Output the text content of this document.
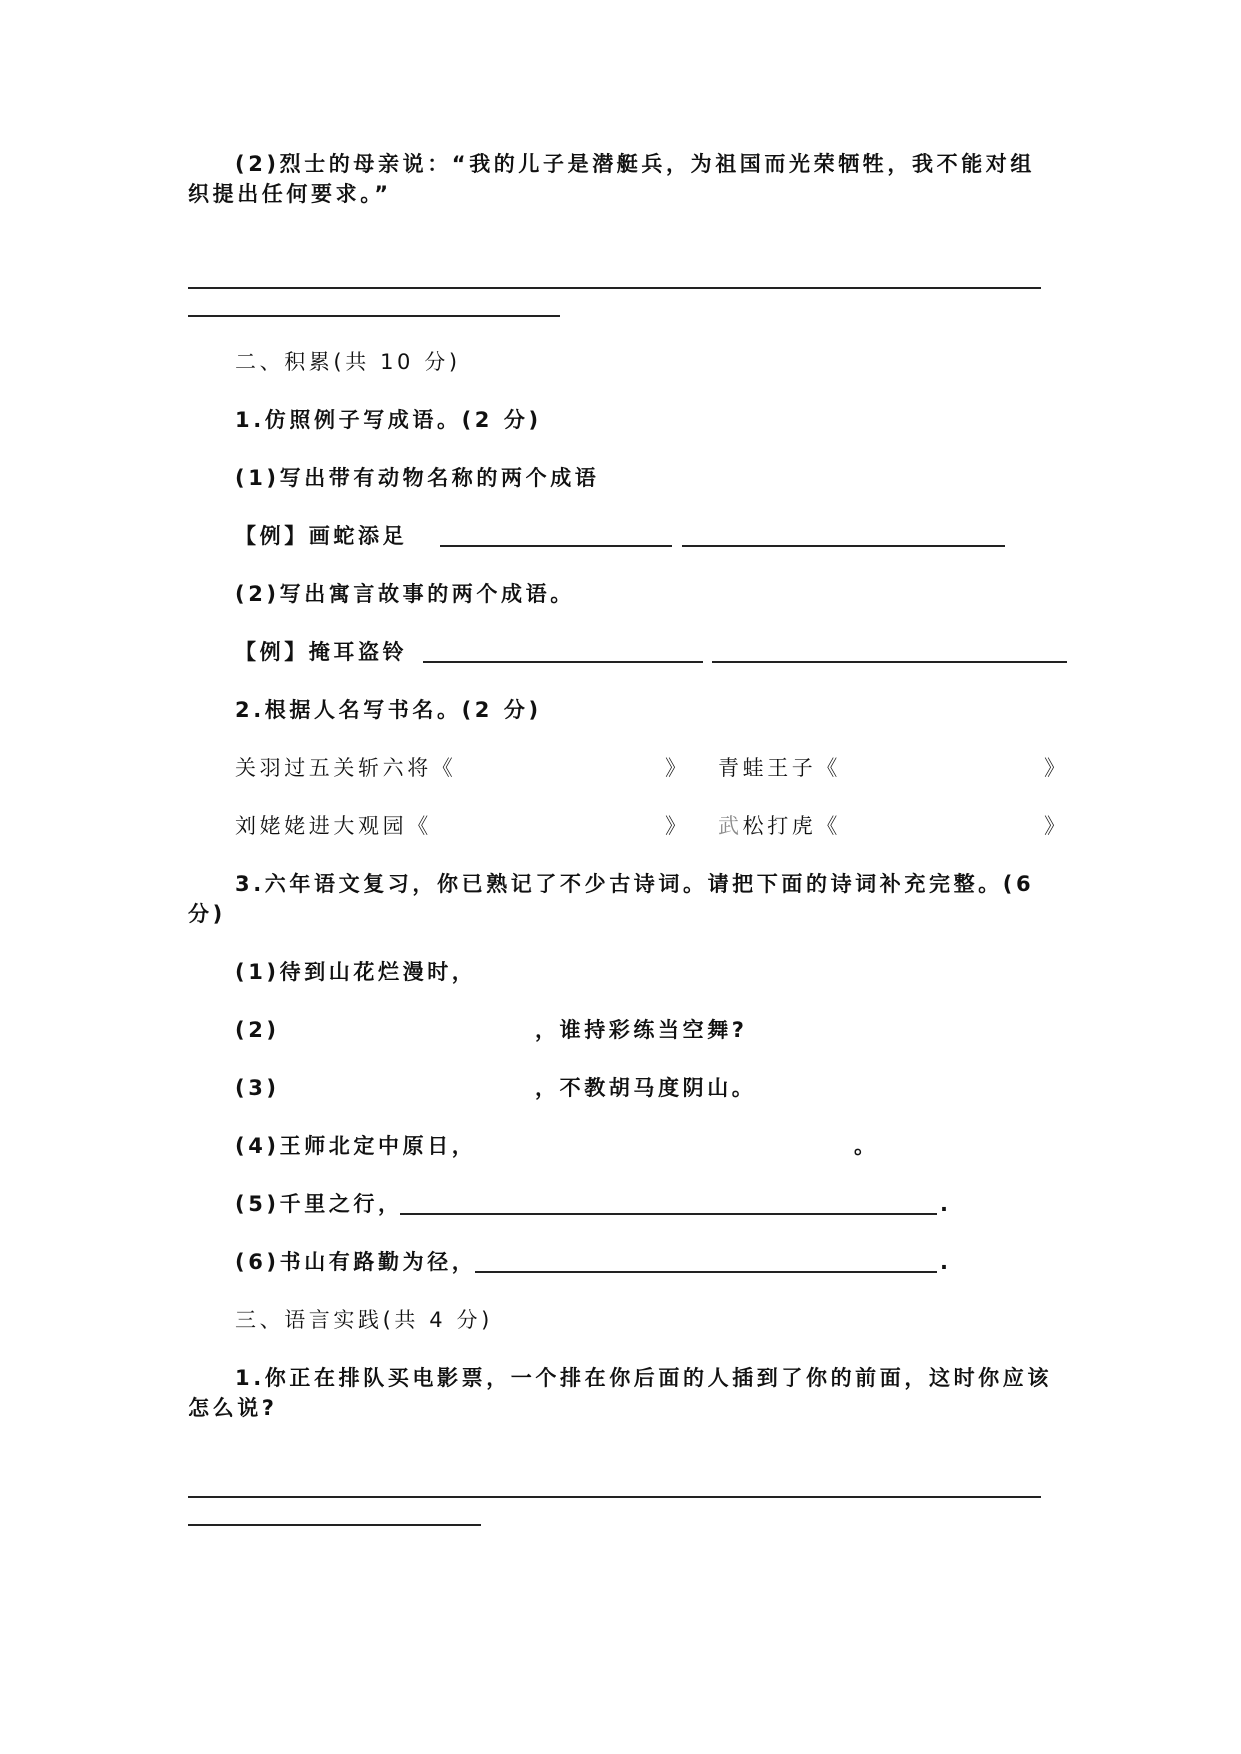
(2)烈士的母亲说：“我的儿子是潜艇兵，为祖国而光荣牺牲，我不能对组
织提出任何要求。”
二、积累(共 10 分)
1.仿照例子写成语。(2 分)
(1)写出带有动物名称的两个成语
【例】画蛇添足
(2)写出寓言故事的两个成语。
【例】掩耳盗铃
2.根据人名写书名。(2 分)
关羽过五关斩六将《	》 青蛙王子《	》
刘姥姥进大观园《	》 武松打虎《	》
3.六年语文复习，你已熟记了不少古诗词。请把下面的诗词补充完整。(6
分)
(1)待到山花烂漫时，
(2)	，谁持彩练当空舞?
(3)	，不教胡马度阴山。
(4)王师北定中原日，	。
(5)千里之行，	.
(6)书山有路勤为径，	.
三、语言实践(共 4 分)
1.你正在排队买电影票，一个排在你后面的人插到了你的前面，这时你应该
怎么说?
